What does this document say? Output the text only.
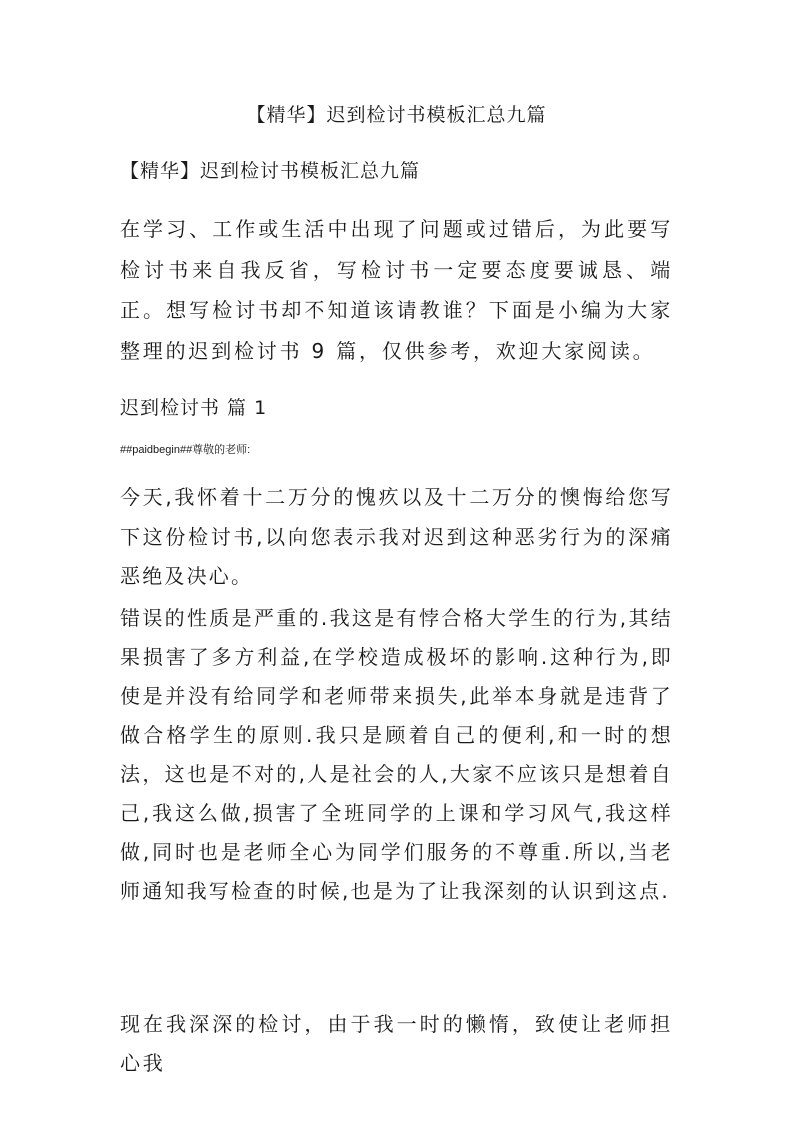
【精华】迟到检讨书模板汇总九篇
【精华】迟到检讨书模板汇总九篇

在学习、工作或生活中出现了问题或过错后，为此要写检讨书来自我反省，写检讨书一定要态度要诚恳、端正。想写检讨书却不知道该请教谁？下面是小编为大家整理的迟到检讨书 9 篇，仅供参考，欢迎大家阅读。

迟到检讨书 篇 1
##paidbegin##尊敬的老师:

今天,我怀着十二万分的愧疚以及十二万分的懊悔给您写下这份检讨书,以向您表示我对迟到这种恶劣行为的深痛恶绝及决心。

错误的性质是严重的.我这是有悖合格大学生的行为,其结果损害了多方利益,在学校造成极坏的影响.这种行为,即使是并没有给同学和老师带来损失,此举本身就是违背了做合格学生的原则.我只是顾着自己的便利,和一时的想法，这也是不对的,人是社会的人,大家不应该只是想着自己,我这么做,损害了全班同学的上课和学习风气,我这样做,同时也是老师全心为同学们服务的不尊重.所以,当老师通知我写检查的时候,也是为了让我深刻的认识到这点.

现在我深深的检讨，由于我一时的懒惰，致使让老师担心我
